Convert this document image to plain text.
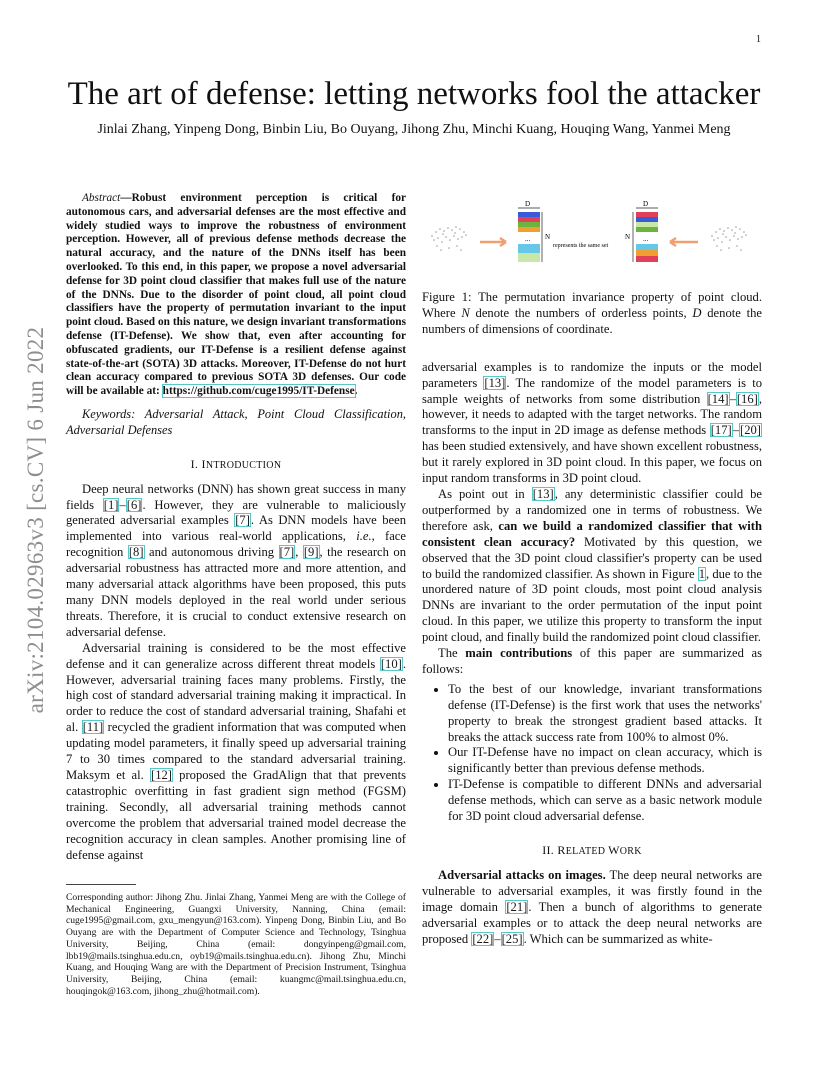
1
arXiv:2104.02963v3 [cs.CV] 6 Jun 2022
The art of defense: letting networks fool the attacker
Jinlai Zhang, Yinpeng Dong, Binbin Liu, Bo Ouyang, Jihong Zhu, Minchi Kuang, Houqing Wang, Yanmei Meng

Abstract—Robust environment perception is critical for autonomous cars, and adversarial defenses are the most effective and widely studied ways to improve the robustness of environment perception. However, all of previous defense methods decrease the natural accuracy, and the nature of the DNNs itself has been overlooked. To this end, in this paper, we propose a novel adversarial defense for 3D point cloud classifier that makes full use of the nature of the DNNs. Due to the disorder of point cloud, all point cloud classifiers have the property of permutation invariant to the input point cloud. Based on this nature, we design invariant transformations defense (IT-Defense). We show that, even after accounting for obfuscated gradients, our IT-Defense is a resilient defense against state-of-the-art (SOTA) 3D attacks. Moreover, IT-Defense do not hurt clean accuracy compared to previous SOTA 3D defenses. Our code will be available at: https://github.com/cuge1995/IT-Defense.

Keywords: Adversarial Attack, Point Cloud Classification, Adversarial Defenses

I. INTRODUCTION

Deep neural networks (DNN) has shown great success in many fields [1]–[6]. However, they are vulnerable to maliciously generated adversarial examples [7]. As DNN models have been implemented into various real-world applications, i.e., face recognition [8] and autonomous driving [7], [9], the research on adversarial robustness has attracted more and more attention, and many adversarial attack algorithms have been proposed, this puts many DNN models deployed in the real world under serious threats. Therefore, it is crucial to conduct extensive research on adversarial defense.

Adversarial training is considered to be the most effective defense and it can generalize across different threat models [10]. However, adversarial training faces many problems. Firstly, the high cost of standard adversarial training making it impractical. In order to reduce the cost of standard adversarial training, Shafahi et al. [11] recycled the gradient information that was computed when updating model parameters, it finally speed up adversarial training 7 to 30 times compared to the standard adversarial training. Maksym et al. [12] proposed the GradAlign that that prevents catastrophic overfitting in fast gradient sign method (FGSM) training. Secondly, all adversarial training methods cannot overcome the problem that adversarial trained model decrease the recognition accuracy in clean samples. Another promising line of defense against

Corresponding author: Jihong Zhu. Jinlai Zhang, Yanmei Meng are with the College of Mechanical Engineering, Guangxi University, Nanning, China (email: cuge1995@gmail.com, gxu_mengyun@163.com). Yinpeng Dong, Binbin Liu, and Bo Ouyang are with the Department of Computer Science and Technology, Tsinghua University, Beijing, China (email: dongyinpeng@gmail.com, lbb19@mails.tsinghua.edu.cn, oyb19@mails.tsinghua.edu.cn). Jihong Zhu, Minchi Kuang, and Houqing Wang are with the Department of Precision Instrument, Tsinghua University, Beijing, China (email: kuangmc@mail.tsinghua.edu.cn, houqingok@163.com, jihong_zhu@hotmail.com).
D
N
...
represents the same set
D
N ...

Figure 1: The permutation invariance property of point cloud. Where N denote the numbers of orderless points, D denote the numbers of dimensions of coordinate.

adversarial examples is to randomize the inputs or the model parameters [13]. The randomize of the model parameters is to sample weights of networks from some distribution [14]–[16], however, it needs to adapted with the target networks. The random transforms to the input in 2D image as defense methods [17]–[20] has been studied extensively, and have shown excellent robustness, but it rarely explored in 3D point cloud. In this paper, we focus on input random transforms in 3D point cloud.

As point out in [13], any deterministic classifier could be outperformed by a randomized one in terms of robustness. We therefore ask, can we build a randomized classifier that with consistent clean accuracy? Motivated by this question, we observed that the 3D point cloud classifier's property can be used to build the randomized classifier. As shown in Figure 1, due to the unordered nature of 3D point clouds, most point cloud analysis DNNs are invariant to the order permutation of the input point cloud. In this paper, we utilize this property to transform the input point cloud, and finally build the randomized point cloud classifier.

The main contributions of this paper are summarized as follows:

• To the best of our knowledge, invariant transformations defense (IT-Defense) is the first work that uses the networks' property to break the strongest gradient based attacks. It breaks the attack success rate from 100% to almost 0%.
• Our IT-Defense have no impact on clean accuracy, which is significantly better than previous defense methods.
• IT-Defense is compatible to different DNNs and adversarial defense methods, which can serve as a basic network module for 3D point cloud adversarial defense.

II. RELATED WORK

Adversarial attacks on images. The deep neural networks are vulnerable to adversarial examples, it was firstly found in the image domain [21]. Then a bunch of algorithms to generate adversarial examples or to attack the deep neural networks are proposed [22]–[25]. Which can be summarized as white-
